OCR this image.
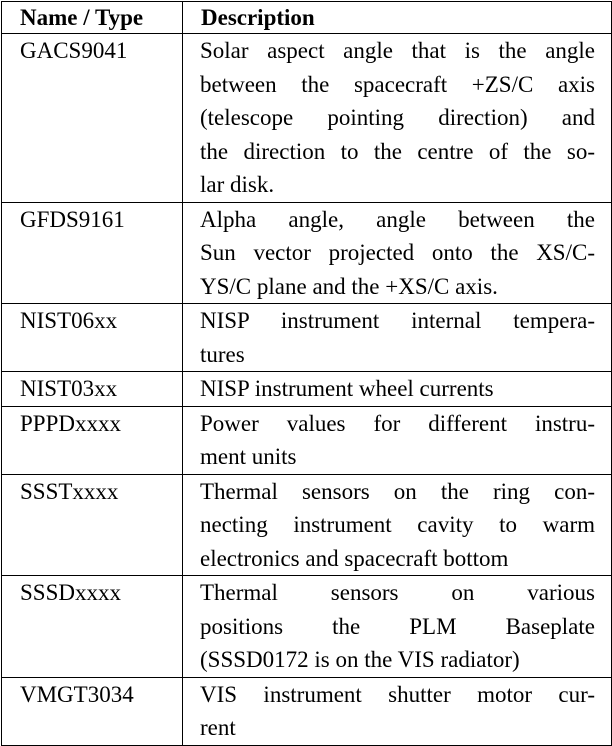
Name / Type	Description
GACS9041	Solar aspect angle that is the angle
between the spacecraft +ZS/C axis
(telescope pointing direction) and
the direction to the centre of the so-
lar disk.

GFDS9161	Alpha angle, angle between the
Sun vector projected onto the XS/C-
YS/C plane and the +XS/C axis.

NIST06xx	NISP instrument internal tempera-
tures

NIST03xx	NISP instrument wheel currents

PPPDxxxx	Power values for different instru-
ment units

SSSTxxxx	Thermal sensors on the ring con-
necting instrument cavity to warm
electronics and spacecraft bottom

SSSDxxxx	Thermal sensors on various
positions the PLM Baseplate
(SSSD0172 is on the VIS radiator)

VMGT3034	VIS instrument shutter motor cur-
rent
